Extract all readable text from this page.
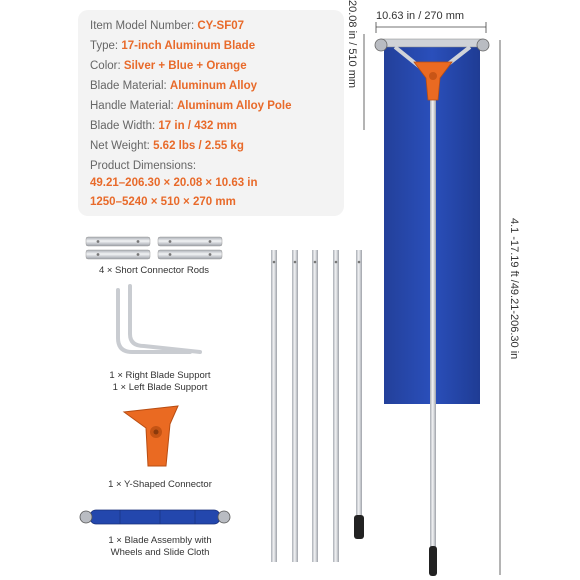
Item Model Number: CY-SF07
Type: 17-inch Aluminum Blade
Color: Silver + Blue + Orange
Blade Material: Aluminum Alloy
Handle Material: Aluminum Alloy Pole
Blade Width: 17 in / 432 mm
Net Weight: 5.62 lbs / 2.55 kg
Product Dimensions:
49.21–206.30 × 20.08 × 10.63 in
1250–5240 × 510 × 270 mm
10.63 in / 270 mm
20.08 in / 510 mm
4.1 -17.19 ft /49.21-206.30 in
4 × Short Connector Rods
1 × Right Blade Support
1 × Left Blade Support
1 × Y-Shaped Connector
1 × Blade Assembly with
Wheels and Slide Cloth
